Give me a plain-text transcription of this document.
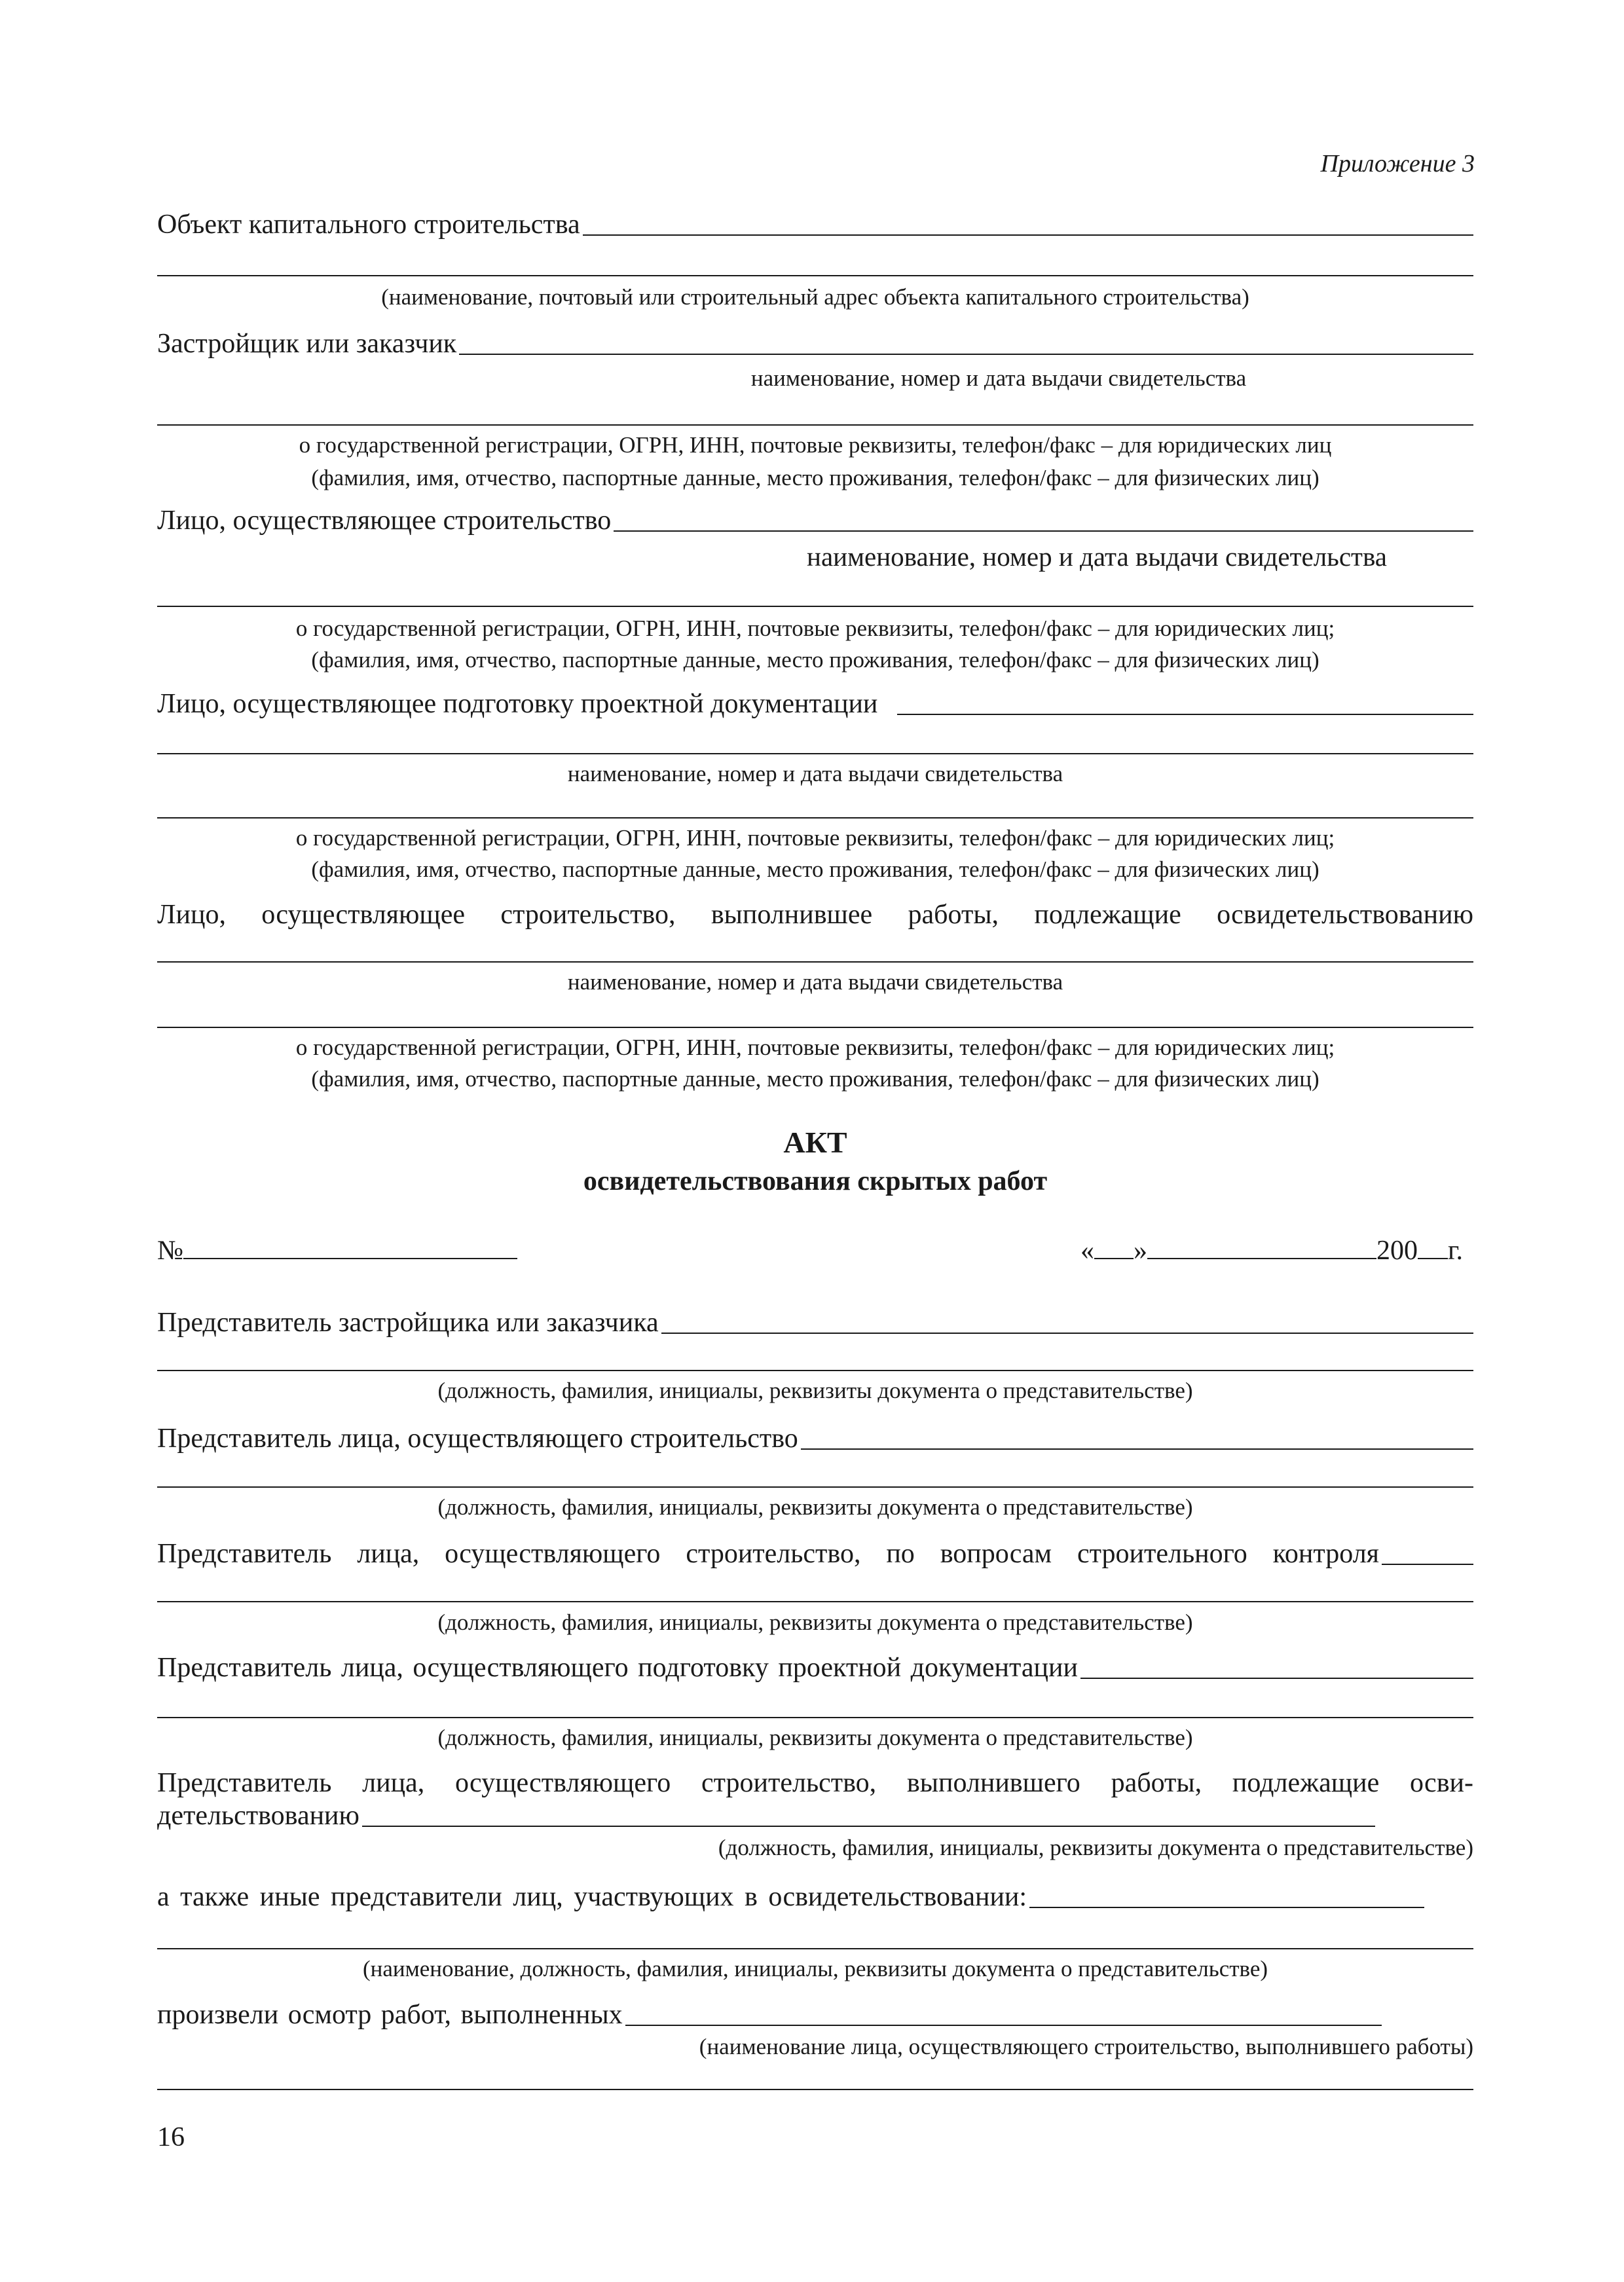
Приложение 3
Объект капитального строительства
(наименование, почтовый или строительный адрес объекта капитального строительства)
Застройщик или заказчик
наименование, номер и дата выдачи свидетельства
о государственной регистрации, ОГРН, ИНН, почтовые реквизиты, телефон/факс – для юридических лиц
(фамилия, имя, отчество, паспортные данные, место проживания, телефон/факс – для физических лиц)
Лицо, осуществляющее строительство
наименование, номер и дата выдачи свидетельства
о государственной регистрации, ОГРН, ИНН, почтовые реквизиты, телефон/факс – для юридических лиц;
(фамилия, имя, отчество, паспортные данные, место проживания, телефон/факс – для физических лиц)
Лицо, осуществляющее подготовку проектной документации
наименование, номер и дата выдачи свидетельства
о государственной регистрации, ОГРН, ИНН, почтовые реквизиты, телефон/факс – для юридических лиц;
(фамилия, имя, отчество, паспортные данные, место проживания, телефон/факс – для физических лиц)
Лицо, осуществляющее строительство, выполнившее работы, подлежащие освидетельствованию
наименование, номер и дата выдачи свидетельства
о государственной регистрации, ОГРН, ИНН, почтовые реквизиты, телефон/факс – для юридических лиц;
(фамилия, имя, отчество, паспортные данные, место проживания, телефон/факс – для физических лиц)
АКТ
освидетельствования скрытых работ
№	« »	200 г.
Представитель застройщика или заказчика
(должность, фамилия, инициалы, реквизиты документа о представительстве)
Представитель лица, осуществляющего строительство
(должность, фамилия, инициалы, реквизиты документа о представительстве)
Представитель лица, осуществляющего строительство, по вопросам строительного контроля
(должность, фамилия, инициалы, реквизиты документа о представительстве)
Представитель лица, осуществляющего подготовку проектной документации
(должность, фамилия, инициалы, реквизиты документа о представительстве)
Представитель лица, осуществляющего строительство, выполнившего работы, подлежащие осви-
детельствованию
(должность, фамилия, инициалы, реквизиты документа о представительстве)
а также иные представители лиц, участвующих в освидетельствовании:
(наименование, должность, фамилия, инициалы, реквизиты документа о представительстве)
произвели осмотр работ, выполненных
(наименование лица, осуществляющего строительство, выполнившего работы)
16
